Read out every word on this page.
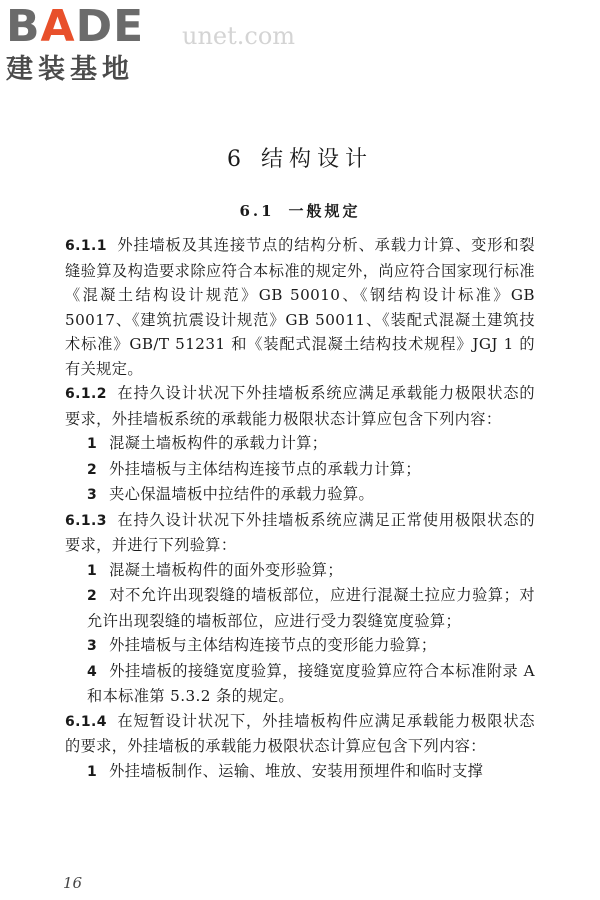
BADE
建装基地
unet.com
6 结构设计
6.1 一般规定

6.1.1 外挂墙板及其连接节点的结构分析、承载力计算、变形和裂缝验算及构造要求除应符合本标准的规定外，尚应符合国家现行标准《混凝土结构设计规范》GB 50010、《钢结构设计标准》GB 50017、《建筑抗震设计规范》GB 50011、《装配式混凝土建筑技术标准》GB/T 51231 和《装配式混凝土结构技术规程》JGJ 1 的有关规定。

6.1.2 在持久设计状况下外挂墙板系统应满足承载能力极限状态的要求，外挂墙板系统的承载能力极限状态计算应包含下列内容：

1 混凝土墙板构件的承载力计算；

2 外挂墙板与主体结构连接节点的承载力计算；

3 夹心保温墙板中拉结件的承载力验算。

6.1.3 在持久设计状况下外挂墙板系统应满足正常使用极限状态的要求，并进行下列验算：

1 混凝土墙板构件的面外变形验算；

2 对不允许出现裂缝的墙板部位，应进行混凝土拉应力验算；对允许出现裂缝的墙板部位，应进行受力裂缝宽度验算；

3 外挂墙板与主体结构连接节点的变形能力验算；

4 外挂墙板的接缝宽度验算，接缝宽度验算应符合本标准附录 A 和本标准第 5.3.2 条的规定。

6.1.4 在短暂设计状况下，外挂墙板构件应满足承载能力极限状态的要求，外挂墙板的承载能力极限状态计算应包含下列内容：

1 外挂墙板制作、运输、堆放、安装用预埋件和临时支撑

16
